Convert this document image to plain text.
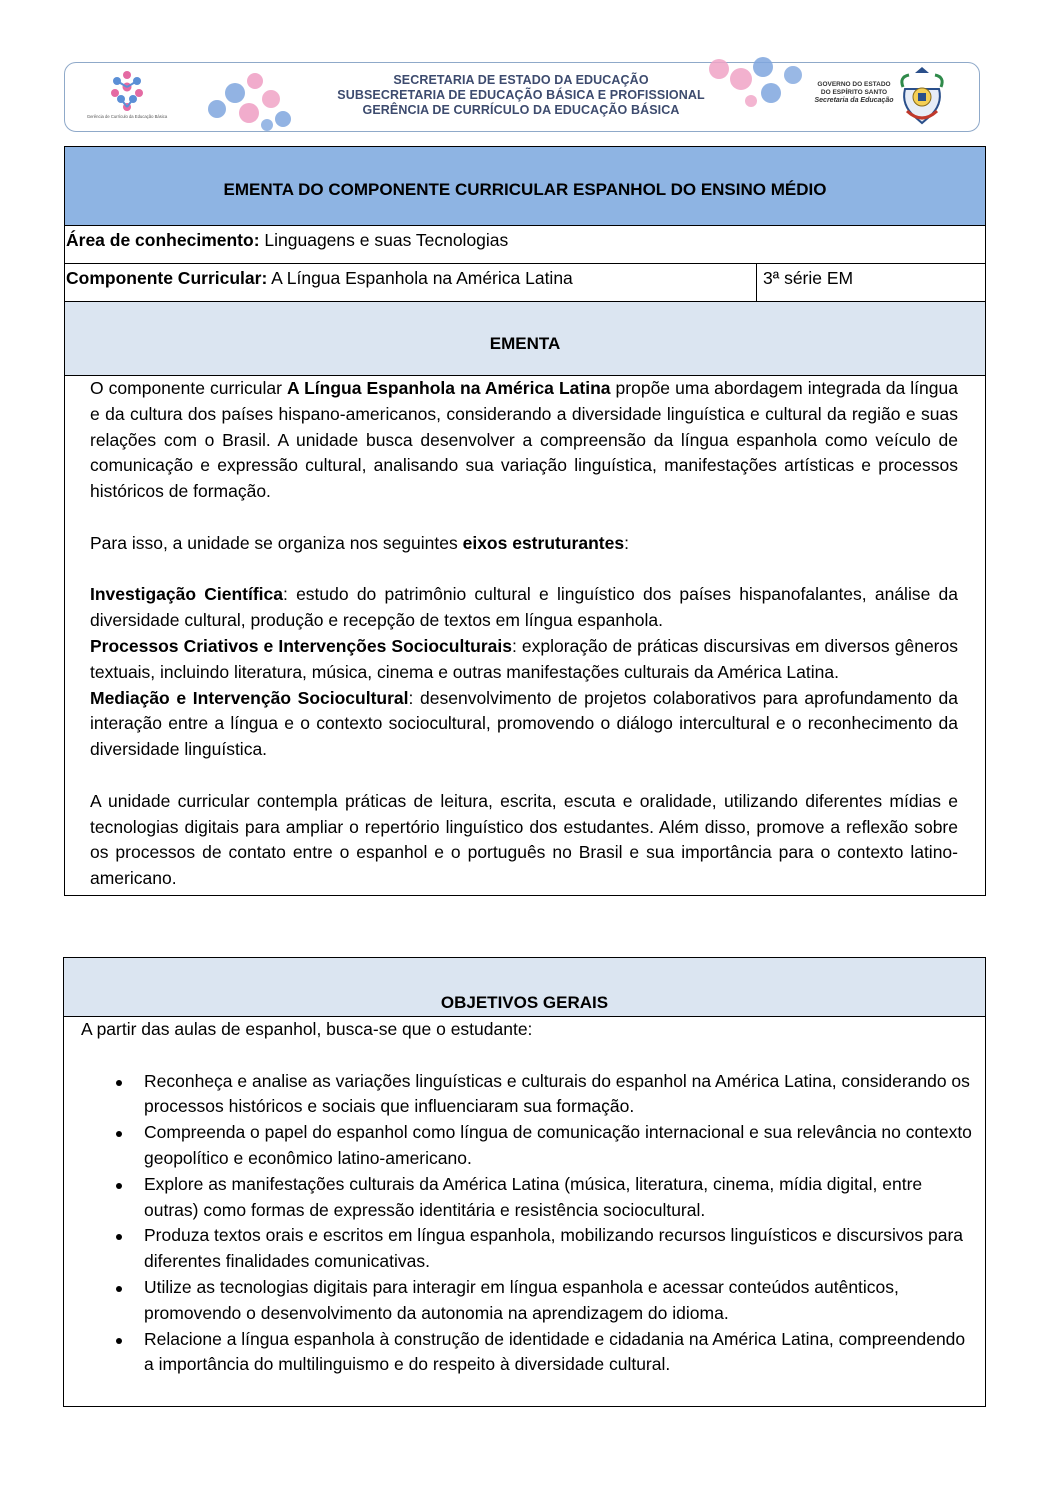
Gerência de Currículo da Educação Básica
SECRETARIA DE ESTADO DA EDUCAÇÃO
SUBSECRETARIA DE EDUCAÇÃO BÁSICA E PROFISSIONAL
GERÊNCIA DE CURRÍCULO DA EDUCAÇÃO BÁSICA
GOVERNO DO ESTADO
DO ESPÍRITO SANTO
Secretaria da Educação
EMENTA DO COMPONENTE CURRICULAR ESPANHOL DO ENSINO MÉDIO
Área de conhecimento: Linguagens e suas Tecnologias
Componente Curricular: A Língua Espanhola na América Latina	3ª série EM
EMENTA

O componente curricular A Língua Espanhola na América Latina propõe uma abordagem integrada da língua e da cultura dos países hispano-americanos, considerando a diversidade linguística e cultural da região e suas relações com o Brasil. A unidade busca desenvolver a compreensão da língua espanhola como veículo de comunicação e expressão cultural, analisando sua variação linguística, manifestações artísticas e processos históricos de formação.

Para isso, a unidade se organiza nos seguintes eixos estruturantes:

Investigação Científica: estudo do patrimônio cultural e linguístico dos países hispanofalantes, análise da diversidade cultural, produção e recepção de textos em língua espanhola.

Processos Criativos e Intervenções Socioculturais: exploração de práticas discursivas em diversos gêneros textuais, incluindo literatura, música, cinema e outras manifestações culturais da América Latina.

Mediação e Intervenção Sociocultural: desenvolvimento de projetos colaborativos para aprofundamento da interação entre a língua e o contexto sociocultural, promovendo o diálogo intercultural e o reconhecimento da diversidade linguística.

A unidade curricular contempla práticas de leitura, escrita, escuta e oralidade, utilizando diferentes mídias e tecnologias digitais para ampliar o repertório linguístico dos estudantes. Além disso, promove a reflexão sobre os processos de contato entre o espanhol e o português no Brasil e sua importância para o contexto latino-americano.

OBJETIVOS GERAIS

A partir das aulas de espanhol, busca-se que o estudante:
Reconheça e analise as variações linguísticas e culturais do espanhol na América Latina, considerando os processos históricos e sociais que influenciaram sua formação.
Compreenda o papel do espanhol como língua de comunicação internacional e sua relevância no contexto geopolítico e econômico latino-americano.
Explore as manifestações culturais da América Latina (música, literatura, cinema, mídia digital, entre outras) como formas de expressão identitária e resistência sociocultural.
Produza textos orais e escritos em língua espanhola, mobilizando recursos linguísticos e discursivos para diferentes finalidades comunicativas.
Utilize as tecnologias digitais para interagir em língua espanhola e acessar conteúdos autênticos, promovendo o desenvolvimento da autonomia na aprendizagem do idioma.
Relacione a língua espanhola à construção de identidade e cidadania na América Latina, compreendendo a importância do multilinguismo e do respeito à diversidade cultural.
